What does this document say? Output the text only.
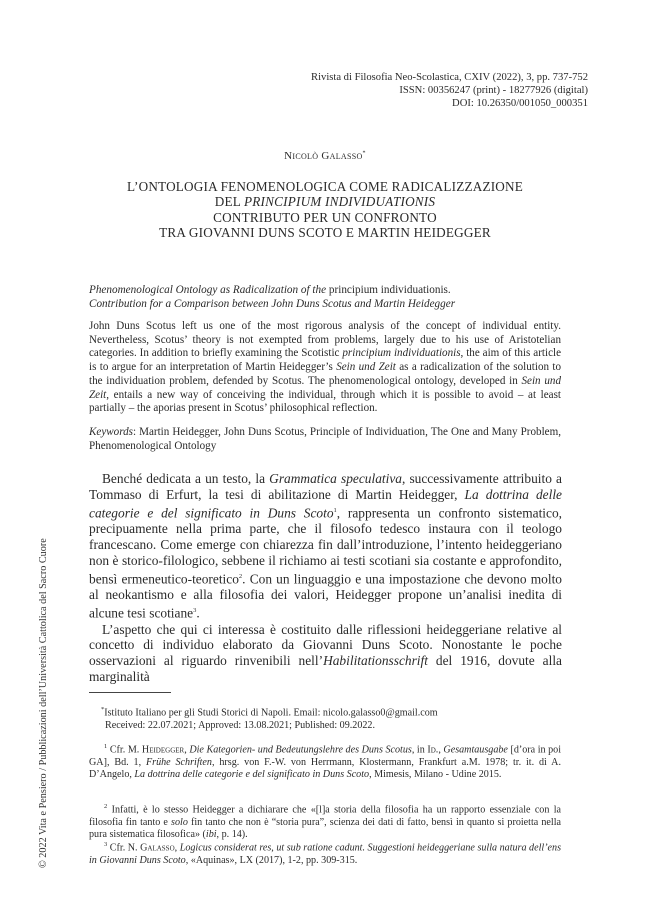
Rivista di Filosofia Neo-Scolastica, CXIV (2022), 3, pp. 737-752
ISSN: 00356247 (print) - 18277926 (digital)
DOI: 10.26350/001050_000351
Nicolò Galasso*

L’ONTOLOGIA FENOMENOLOGICA COME RADICALIZZAZIONE

DEL PRINCIPIUM INDIVIDUATIONIS

CONTRIBUTO PER UN CONFRONTO

TRA GIOVANNI DUNS SCOTO E MARTIN HEIDEGGER

Phenomenological Ontology as Radicalization of the principium individuationis.

Contribution for a Comparison between John Duns Scotus and Martin Heidegger

John Duns Scotus left us one of the most rigorous analysis of the concept of individual entity. Nevertheless, Scotus’ theory is not exempted from problems, largely due to his use of Aristotelian categories. In addition to briefly examining the Scotistic principium individuationis, the aim of this article is to argue for an interpretation of Martin Heidegger’s Sein und Zeit as a radicalization of the solution to the individuation problem, defended by Scotus. The phenomenological ontology, developed in Sein und Zeit, entails a new way of conceiving the individual, through which it is possible to avoid – at least partially – the aporias present in Scotus’ philosophical reflection.
Keywords: Martin Heidegger, John Duns Scotus, Principle of Individuation, The One and Many Problem, Phenomenological Ontology

Benché dedicata a un testo, la Grammatica speculativa, successivamente attribuito a Tommaso di Erfurt, la tesi di abilitazione di Martin Heidegger, La dottrina delle categorie e del significato in Duns Scoto$^1$, rappresenta un confronto sistematico, precipuamente nella prima parte, che il filosofo tedesco instaura con il teologo francescano. Come emerge con chiarezza fin dall’introduzione, l’intento heideggeriano non è storico-filologico, sebbene il richiamo ai testi scotiani sia costante e approfondito, bensì ermeneutico-teoretico$^2$. Con un linguaggio e una impostazione che devono molto al neokantismo e alla filosofia dei valori, Heidegger propone un’analisi inedita di alcune tesi scotiane$^3$.

L’aspetto che qui ci interessa è costituito dalle riflessioni heideggeriane relative al concetto di individuo elaborato da Giovanni Duns Scoto. Nonostante le poche osservazioni al riguardo rinvenibili nell’Habilitationsschrift del 1916, dovute alla marginalità

*Istituto Italiano per gli Studi Storici di Napoli. Email: nicolo.galasso0@gmail.com
Received: 22.07.2021; Approved: 13.08.2021; Published: 09.2022.
$^1$ Cfr. M. Heidegger, Die Kategorien- und Bedeutungslehre des Duns Scotus, in Id., Gesamtausgabe [d’ora in poi GA], Bd. 1, Frühe Schriften, hrsg. von F.-W. von Herrmann, Klostermann, Frankfurt a.M. 1978; tr. it. di A. D’Angelo, La dottrina delle categorie e del significato in Duns Scoto, Mimesis, Milano - Udine 2015.
$^2$ Infatti, è lo stesso Heidegger a dichiarare che «[l]a storia della filosofia ha un rapporto essenziale con la filosofia fin tanto e solo fin tanto che non è “storia pura”, scienza dei dati di fatto, bensì in quanto si proietta nella pura sistematica filosofica» (ibi, p. 14).
$^3$ Cfr. N. Galasso, Logicus considerat res, ut sub ratione cadunt. Suggestioni heideggeriane sulla natura dell’ens in Giovanni Duns Scoto, «Aquinas», LX (2017), 1-2, pp. 309-315.
© 2022 Vita e Pensiero / Pubblicazioni dell’Università Cattolica del Sacro Cuore
